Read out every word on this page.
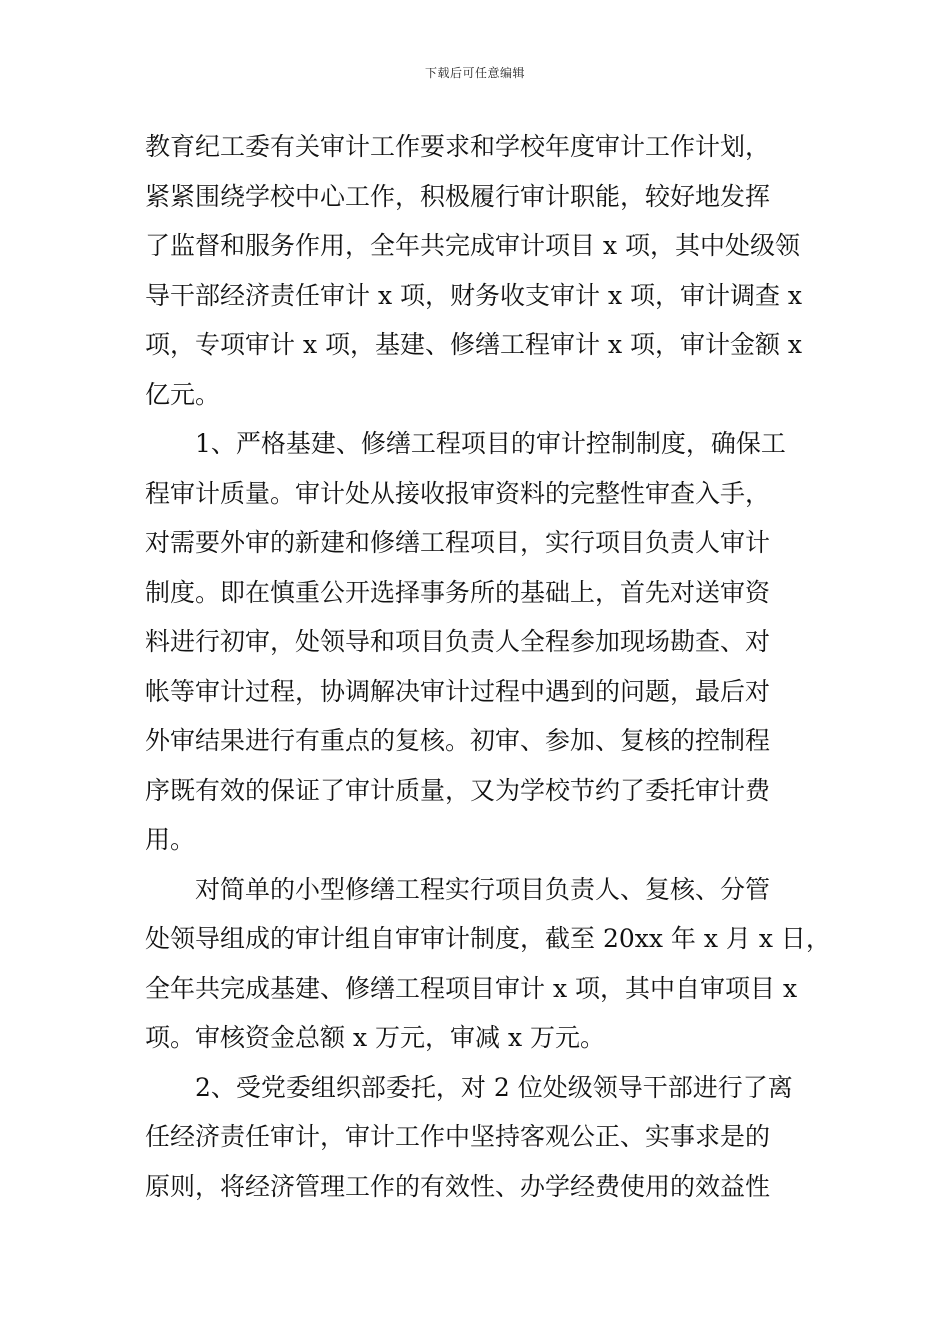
下载后可任意编辑
教育纪工委有关审计工作要求和学校年度审计工作计划，
紧紧围绕学校中心工作，积极履行审计职能，较好地发挥
了监督和服务作用，全年共完成审计项目 x 项，其中处级领
导干部经济责任审计 x 项，财务收支审计 x 项，审计调查 x
项，专项审计 x 项，基建、修缮工程审计 x 项，审计金额 x
亿元。
1、严格基建、修缮工程项目的审计控制制度，确保工
程审计质量。审计处从接收报审资料的完整性审查入手，
对需要外审的新建和修缮工程项目，实行项目负责人审计
制度。即在慎重公开选择事务所的基础上，首先对送审资
料进行初审，处领导和项目负责人全程参加现场勘查、对
帐等审计过程，协调解决审计过程中遇到的问题，最后对
外审结果进行有重点的复核。初审、参加、复核的控制程
序既有效的保证了审计质量，又为学校节约了委托审计费
用。
对简单的小型修缮工程实行项目负责人、复核、分管
处领导组成的审计组自审审计制度，截至 20xx 年 x 月 x 日，
全年共完成基建、修缮工程项目审计 x 项，其中自审项目 x
项。审核资金总额 x 万元，审减 x 万元。
2、受党委组织部委托，对 2 位处级领导干部进行了离
任经济责任审计，审计工作中坚持客观公正、实事求是的
原则，将经济管理工作的有效性、办学经费使用的效益性
